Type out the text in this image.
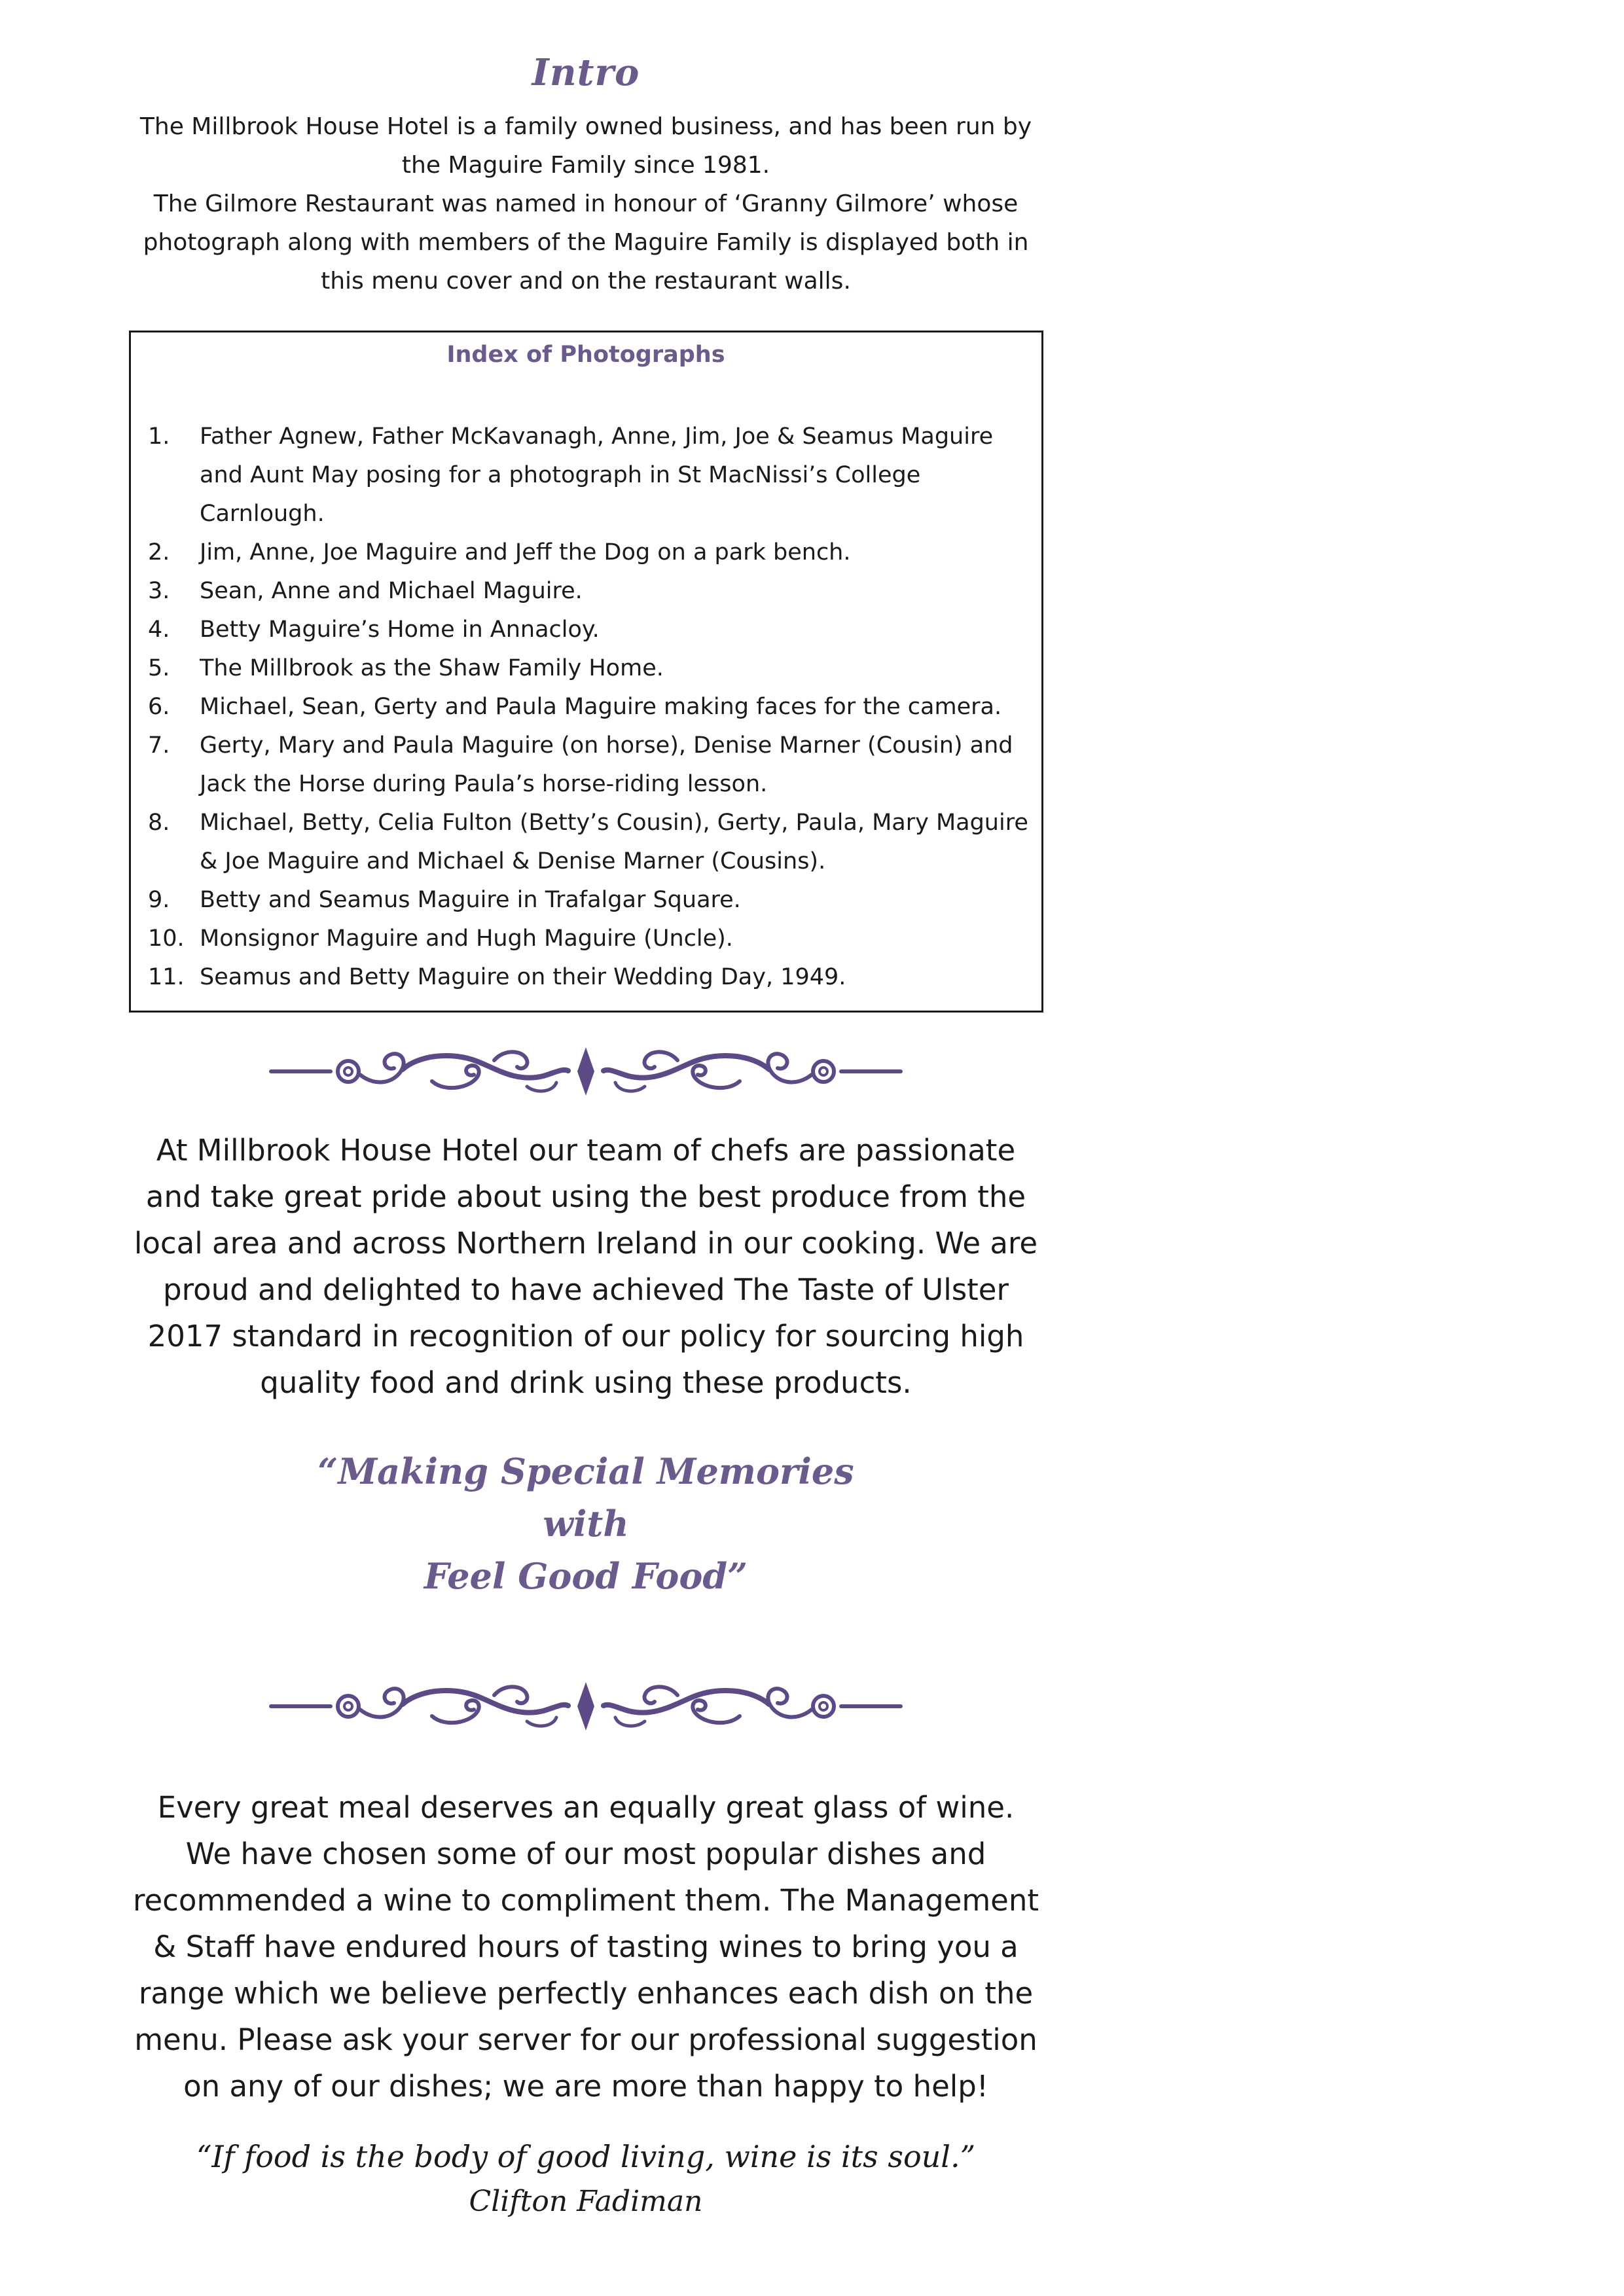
Intro
The Millbrook House Hotel is a family owned business, and has been run by the Maguire Family since 1981.
The Gilmore Restaurant was named in honour of ‘Granny Gilmore’ whose photograph along with members of the Maguire Family is displayed both in this menu cover and on the restaurant walls.
Index of Photographs
1. Father Agnew, Father McKavanagh, Anne, Jim, Joe & Seamus Maguire and Aunt May posing for a photograph in St MacNissi’s College Carnlough.
2. Jim, Anne, Joe Maguire and Jeff the Dog on a park bench.
3. Sean, Anne and Michael Maguire.
4. Betty Maguire’s Home in Annacloy.
5. The Millbrook as the Shaw Family Home.
6. Michael, Sean, Gerty and Paula Maguire making faces for the camera.
7. Gerty, Mary and Paula Maguire (on horse), Denise Marner (Cousin) and Jack the Horse during Paula’s horse-riding lesson.
8. Michael, Betty, Celia Fulton (Betty’s Cousin), Gerty, Paula, Mary Maguire & Joe Maguire and Michael & Denise Marner (Cousins).
9. Betty and Seamus Maguire in Trafalgar Square.
10. Monsignor Maguire and Hugh Maguire (Uncle).
11. Seamus and Betty Maguire on their Wedding Day, 1949.
At Millbrook House Hotel our team of chefs are passionate and take great pride about using the best produce from the local area and across Northern Ireland in our cooking. We are proud and delighted to have achieved The Taste of Ulster 2017 standard in recognition of our policy for sourcing high quality food and drink using these products.
“Making Special Memories
with
Feel Good Food”
Every great meal deserves an equally great glass of wine.
We have chosen some of our most popular dishes and recommended a wine to compliment them. The Management & Staff have endured hours of tasting wines to bring you a range which we believe perfectly enhances each dish on the menu. Please ask your server for our professional suggestion on any of our dishes; we are more than happy to help!
“If food is the body of good living, wine is its soul.”
Clifton Fadiman
